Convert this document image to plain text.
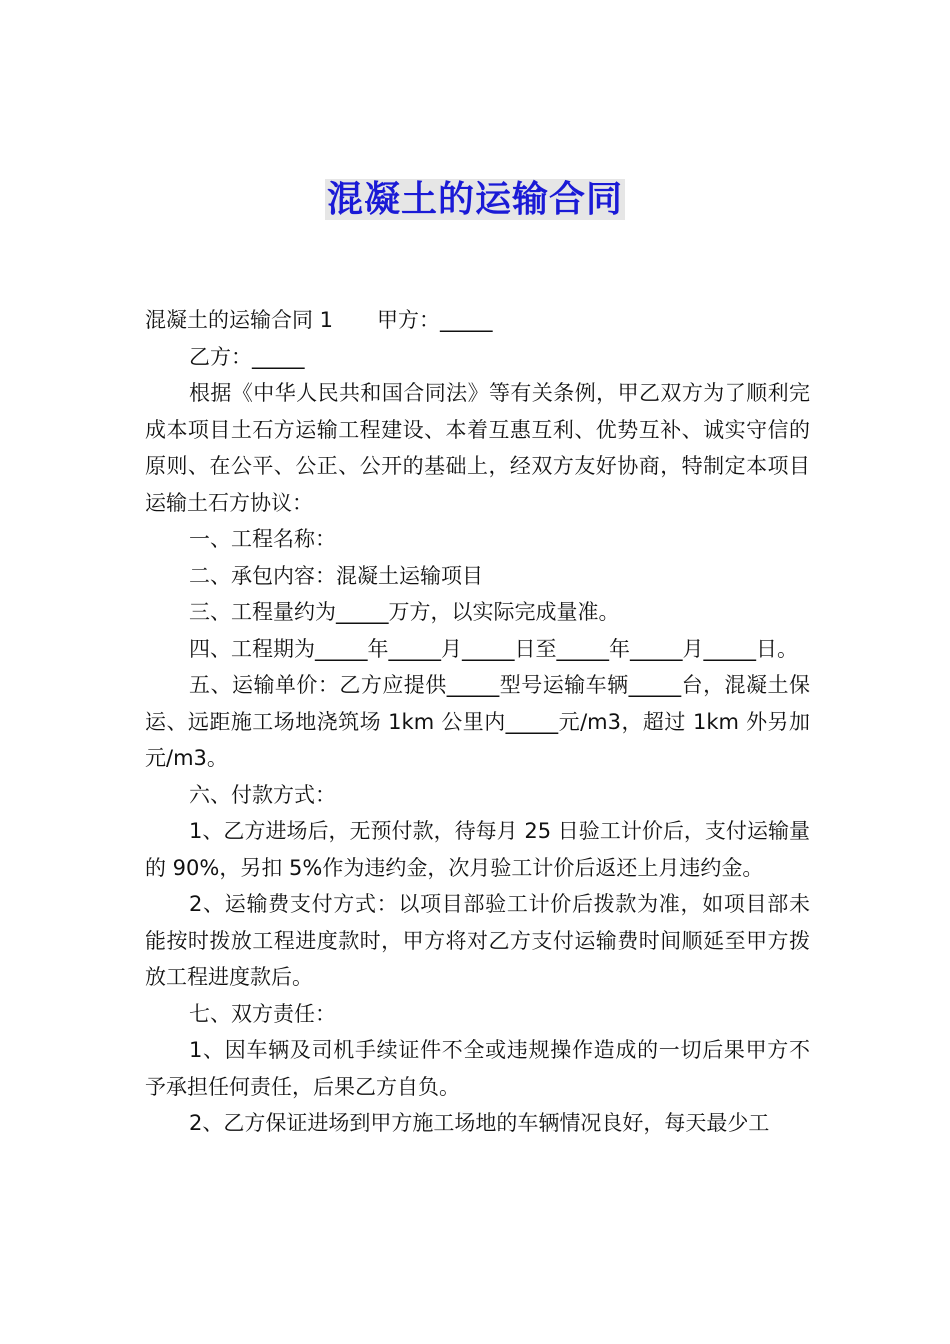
混凝土的运输合同

混凝土的运输合同 1 甲方：_____

乙方：_____

根据《中华人民共和国合同法》等有关条例，甲乙双方为了顺利完成本项目土石方运输工程建设、本着互惠互利、优势互补、诚实守信的原则、在公平、公正、公开的基础上，经双方友好协商，特制定本项目运输土石方协议：

一、工程名称：

二、承包内容：混凝土运输项目

三、工程量约为_____万方，以实际完成量准。

四、工程期为_____年_____月_____日至_____年_____月_____日。

五、运输单价：乙方应提供_____型号运输车辆_____台，混凝土保运、远距施工场地浇筑场 1km 公里内_____元/m3，超过 1km 外另加元/m3。

六、付款方式：

1、乙方进场后，无预付款，待每月 25 日验工计价后，支付运输量的 90%，另扣 5%作为违约金，次月验工计价后返还上月违约金。

2、运输费支付方式：以项目部验工计价后拨款为准，如项目部未能按时拨放工程进度款时，甲方将对乙方支付运输费时间顺延至甲方拨放工程进度款后。

七、双方责任：

1、因车辆及司机手续证件不全或违规操作造成的一切后果甲方不予承担任何责任，后果乙方自负。

2、乙方保证进场到甲方施工场地的车辆情况良好，每天最少工
